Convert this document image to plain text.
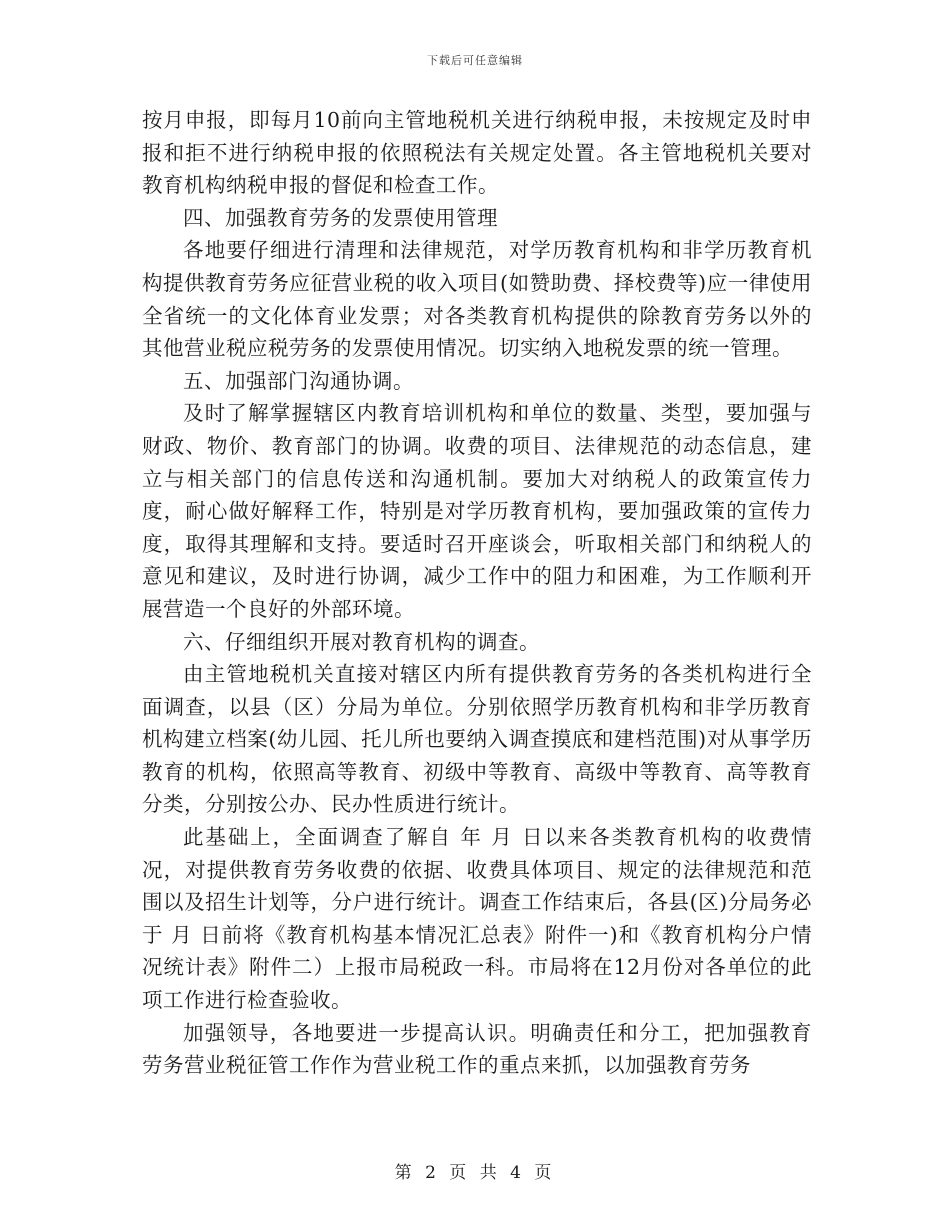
下载后可任意编辑

按月申报，即每月10前向主管地税机关进行纳税申报，未按规定及时申报和拒不进行纳税申报的依照税法有关规定处置。各主管地税机关要对教育机构纳税申报的督促和检查工作。

四、加强教育劳务的发票使用管理

各地要仔细进行清理和法律规范，对学历教育机构和非学历教育机构提供教育劳务应征营业税的收入项目(如赞助费、择校费等)应一律使用全省统一的文化体育业发票；对各类教育机构提供的除教育劳务以外的其他营业税应税劳务的发票使用情况。切实纳入地税发票的统一管理。

五、加强部门沟通协调。

及时了解掌握辖区内教育培训机构和单位的数量、类型，要加强与财政、物价、教育部门的协调。收费的项目、法律规范的动态信息，建立与相关部门的信息传送和沟通机制。要加大对纳税人的政策宣传力度，耐心做好解释工作，特别是对学历教育机构，要加强政策的宣传力度，取得其理解和支持。要适时召开座谈会，听取相关部门和纳税人的意见和建议，及时进行协调，减少工作中的阻力和困难，为工作顺利开展营造一个良好的外部环境。

六、仔细组织开展对教育机构的调查。

由主管地税机关直接对辖区内所有提供教育劳务的各类机构进行全面调查，以县（区）分局为单位。分别依照学历教育机构和非学历教育机构建立档案(幼儿园、托儿所也要纳入调查摸底和建档范围)对从事学历教育的机构，依照高等教育、初级中等教育、高级中等教育、高等教育分类，分别按公办、民办性质进行统计。

此基础上，全面调查了解自 年 月 日以来各类教育机构的收费情况，对提供教育劳务收费的依据、收费具体项目、规定的法律规范和范围以及招生计划等，分户进行统计。调查工作结束后，各县(区)分局务必于 月 日前将《教育机构基本情况汇总表》附件一)和《教育机构分户情况统计表》附件二）上报市局税政一科。市局将在12月份对各单位的此项工作进行检查验收。

加强领导，各地要进一步提高认识。明确责任和分工，把加强教育劳务营业税征管工作作为营业税工作的重点来抓，以加强教育劳务

第 2 页 共 4 页
